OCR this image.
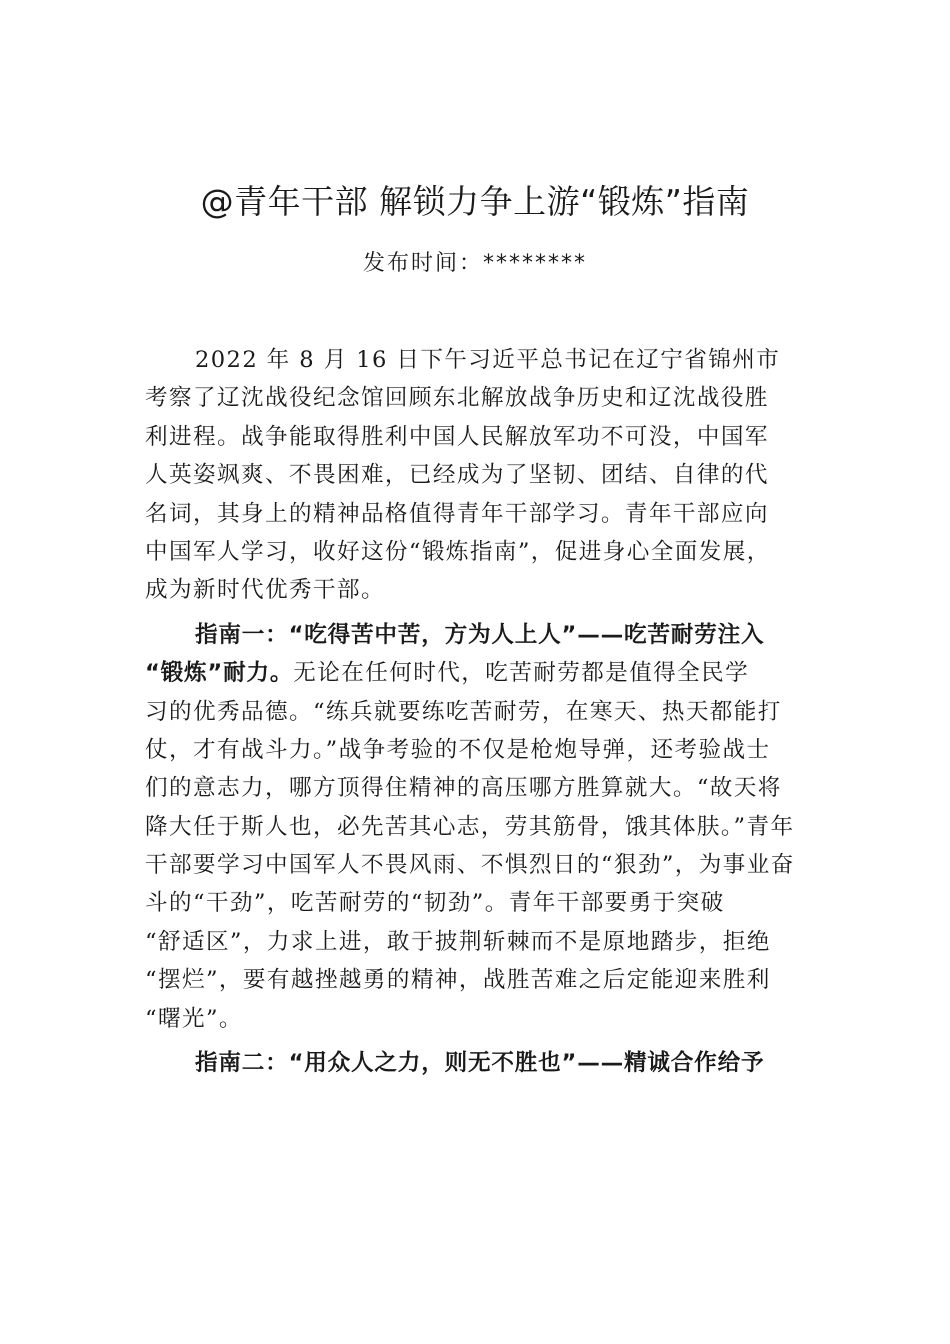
@青年干部 解锁力争上游“锻炼”指南
发布时间：********
2022 年 8 月 16 日下午习近平总书记在辽宁省锦州市
考察了辽沈战役纪念馆回顾东北解放战争历史和辽沈战役胜
利进程。战争能取得胜利中国人民解放军功不可没，中国军
人英姿飒爽、不畏困难，已经成为了坚韧、团结、自律的代
名词，其身上的精神品格值得青年干部学习。青年干部应向
中国军人学习，收好这份“锻炼指南”，促进身心全面发展，
成为新时代优秀干部。
指南一：“吃得苦中苦，方为人上人”——吃苦耐劳注入
“锻炼”耐力。无论在任何时代，吃苦耐劳都是值得全民学
习的优秀品德。“练兵就要练吃苦耐劳，在寒天、热天都能打
仗，才有战斗力。”战争考验的不仅是枪炮导弹，还考验战士
们的意志力，哪方顶得住精神的高压哪方胜算就大。“故天将
降大任于斯人也，必先苦其心志，劳其筋骨，饿其体肤。”青年
干部要学习中国军人不畏风雨、不惧烈日的“狠劲”，为事业奋
斗的“干劲”，吃苦耐劳的“韧劲”。青年干部要勇于突破
“舒适区”，力求上进，敢于披荆斩棘而不是原地踏步，拒绝
“摆烂”，要有越挫越勇的精神，战胜苦难之后定能迎来胜利
“曙光”。
指南二：“用众人之力，则无不胜也”——精诚合作给予
